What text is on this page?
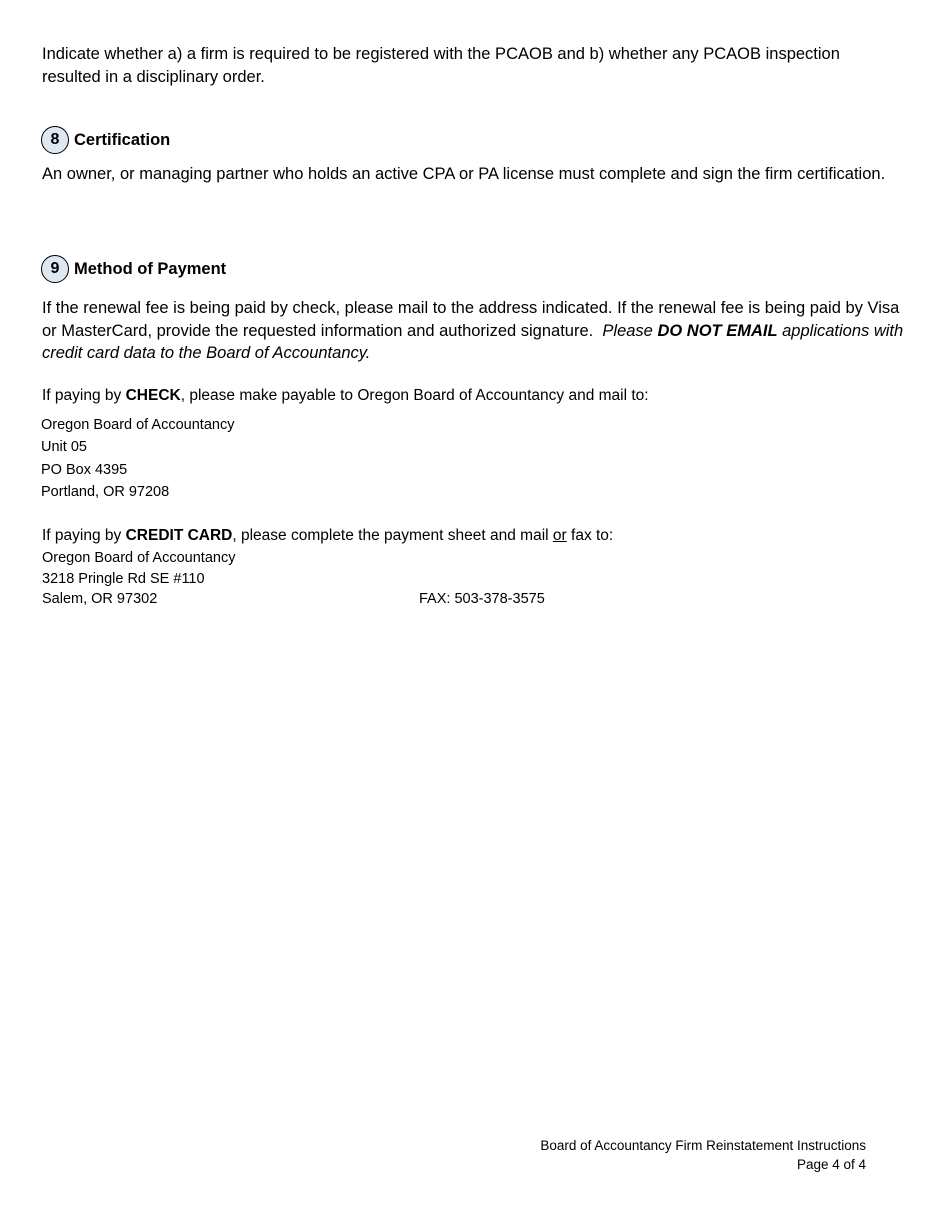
Indicate whether a) a firm is required to be registered with the PCAOB and b) whether any PCAOB inspection resulted in a disciplinary order.
8 Certification
An owner, or managing partner who holds an active CPA or PA license must complete and sign the firm certification.
9 Method of Payment
If the renewal fee is being paid by check, please mail to the address indicated. If the renewal fee is being paid by Visa or MasterCard, provide the requested information and authorized signature. Please DO NOT EMAIL applications with credit card data to the Board of Accountancy.
If paying by CHECK, please make payable to Oregon Board of Accountancy and mail to:
Oregon Board of Accountancy
Unit 05
PO Box 4395
Portland, OR 97208
If paying by CREDIT CARD, please complete the payment sheet and mail or fax to:
Oregon Board of Accountancy
3218 Pringle Rd SE #110
Salem, OR 97302	FAX: 503-378-3575
Board of Accountancy Firm Reinstatement Instructions
Page 4 of 4
